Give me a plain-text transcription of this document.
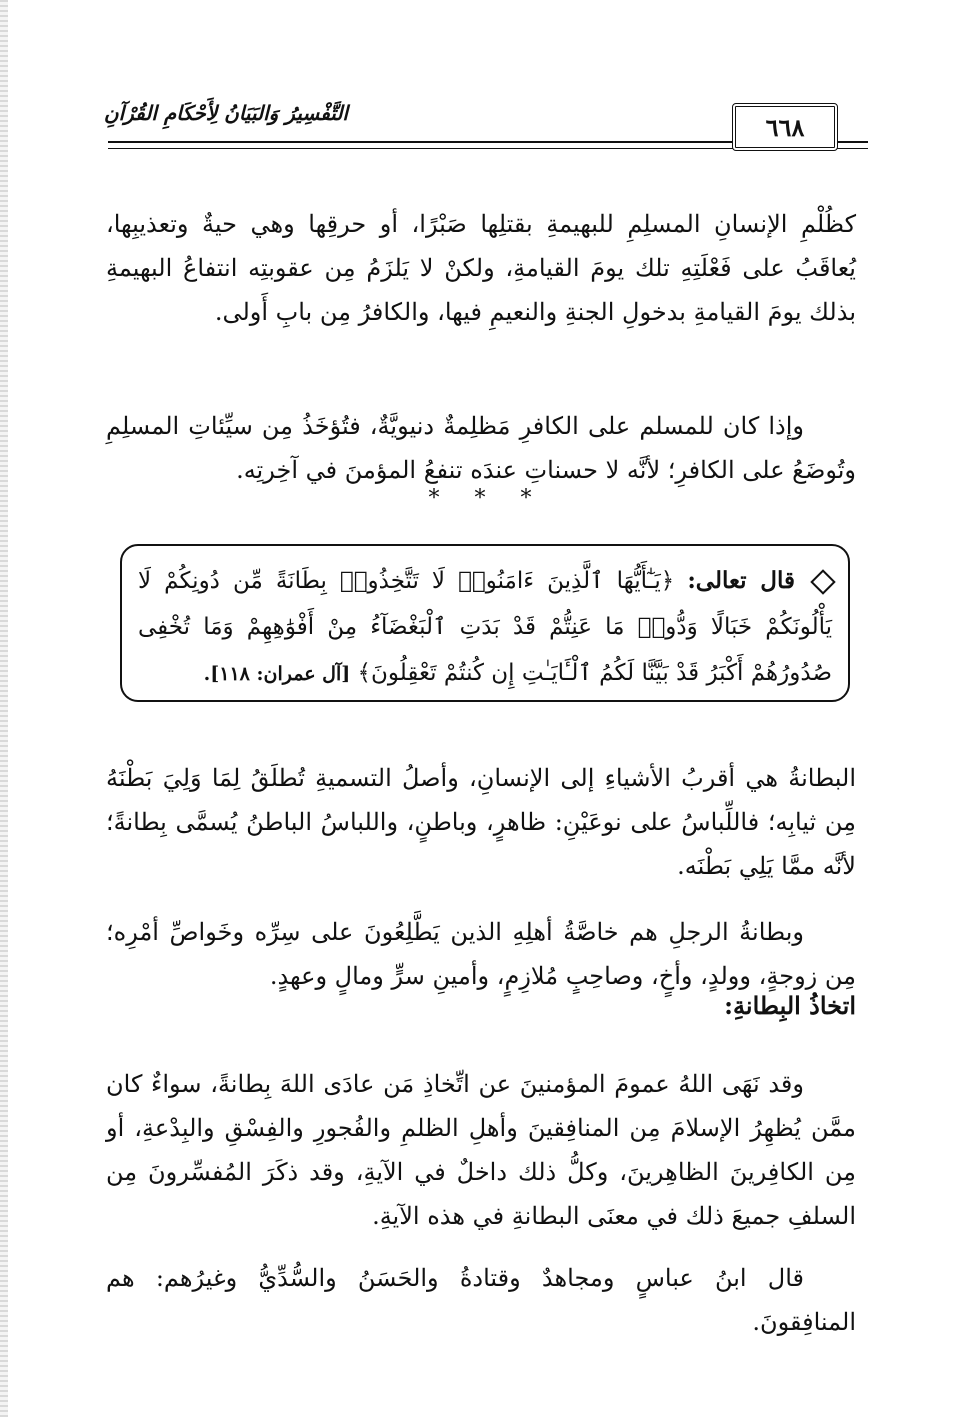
التَّفْسِيرُ وَالبَيَانُ لِأَحْكَامِ القُرْآنِ	٦٦٨

كظُلْمِ الإنسانِ المسلِمِ للبهيمةِ بقتلِها صَبْرًا، أو حرقِها وهي حيةٌ وتعذيبِها، يُعاقَبُ على فَعْلَتِهِ تلك يومَ القيامةِ، ولكنْ لا يَلزَمُ مِن عقوبتِه انتفاعُ البهيمةِ بذلك يومَ القيامةِ بدخولِ الجنةِ والنعيمِ فيها، والكافرُ مِن بابِ أَولى.

وإذا كان للمسلم على الكافرِ مَظلِمةٌ دنيويَّةٌ، فتُؤخَذُ مِن سيِّئاتِ المسلِمِ وتُوضَعُ على الكافرِ؛ لأنَّه لا حسناتِ عندَه تنفعُ المؤمنَ في آخِرتِه.

* * *
قال تعالى: ﴿يَـٰٓأَيُّهَا ٱلَّذِينَ ءَامَنُوا۟ لَا تَتَّخِذُوا۟ بِطَانَةً مِّن دُونِكُمْ لَا يَأْلُونَكُمْ خَبَالًا وَدُّوا۟ مَا عَنِتُّمْ قَدْ بَدَتِ ٱلْبَغْضَآءُ مِنْ أَفْوَٰهِهِمْ وَمَا تُخْفِى صُدُورُهُمْ أَكْبَرُ قَدْ بَيَّنَّا لَكُمُ ٱلْـَٔايَـٰتِ إِن كُنتُمْ تَعْقِلُونَ﴾ [آل عمران: ١١٨].

البطانةُ هي أقربُ الأشياءِ إلى الإنسانِ، وأصلُ التسميةِ تُطلَقُ لِمَا وَلِيَ بَطْنَهُ مِن ثيابِه؛ فاللِّباسُ على نوعَيْنِ: ظاهرٍ، وباطنٍ، واللباسُ الباطنُ يُسمَّى بِطانةً؛ لأنَّه ممَّا يَلِي بَطْنَه.

وبطانةُ الرجلِ هم خاصَّةُ أهلِهِ الذين يَطَّلِعُونَ على سِرِّه وخَواصِّ أمْرِه؛ مِن زوجةٍ، وولدٍ، وأخٍ، وصاحِبٍ مُلازِمٍ، وأمينِ سرٍّ ومالٍ وعهدٍ.

اتخاذُ البِطانةِ:

وقد نَهَى اللهُ عمومَ المؤمنينَ عن اتِّخاذِ مَن عادَى اللهَ بِطانةً، سواءٌ كان ممَّن يُظهِرُ الإسلامَ مِن المنافِقينَ وأهلِ الظلمِ والفُجورِ والفِسْقِ والبِدْعةِ، أو مِن الكافِرينَ الظاهِرينَ، وكلُّ ذلك داخلٌ في الآيةِ، وقد ذكَرَ المُفسِّرونَ مِن السلفِ جميعَ ذلك في معنَى البطانةِ في هذه الآيةِ.

قال ابنُ عباسٍ ومجاهدٌ وقتادةُ والحَسَنُ والسُّدِّيُّ وغيرُهم: هم المنافِقونَ.
